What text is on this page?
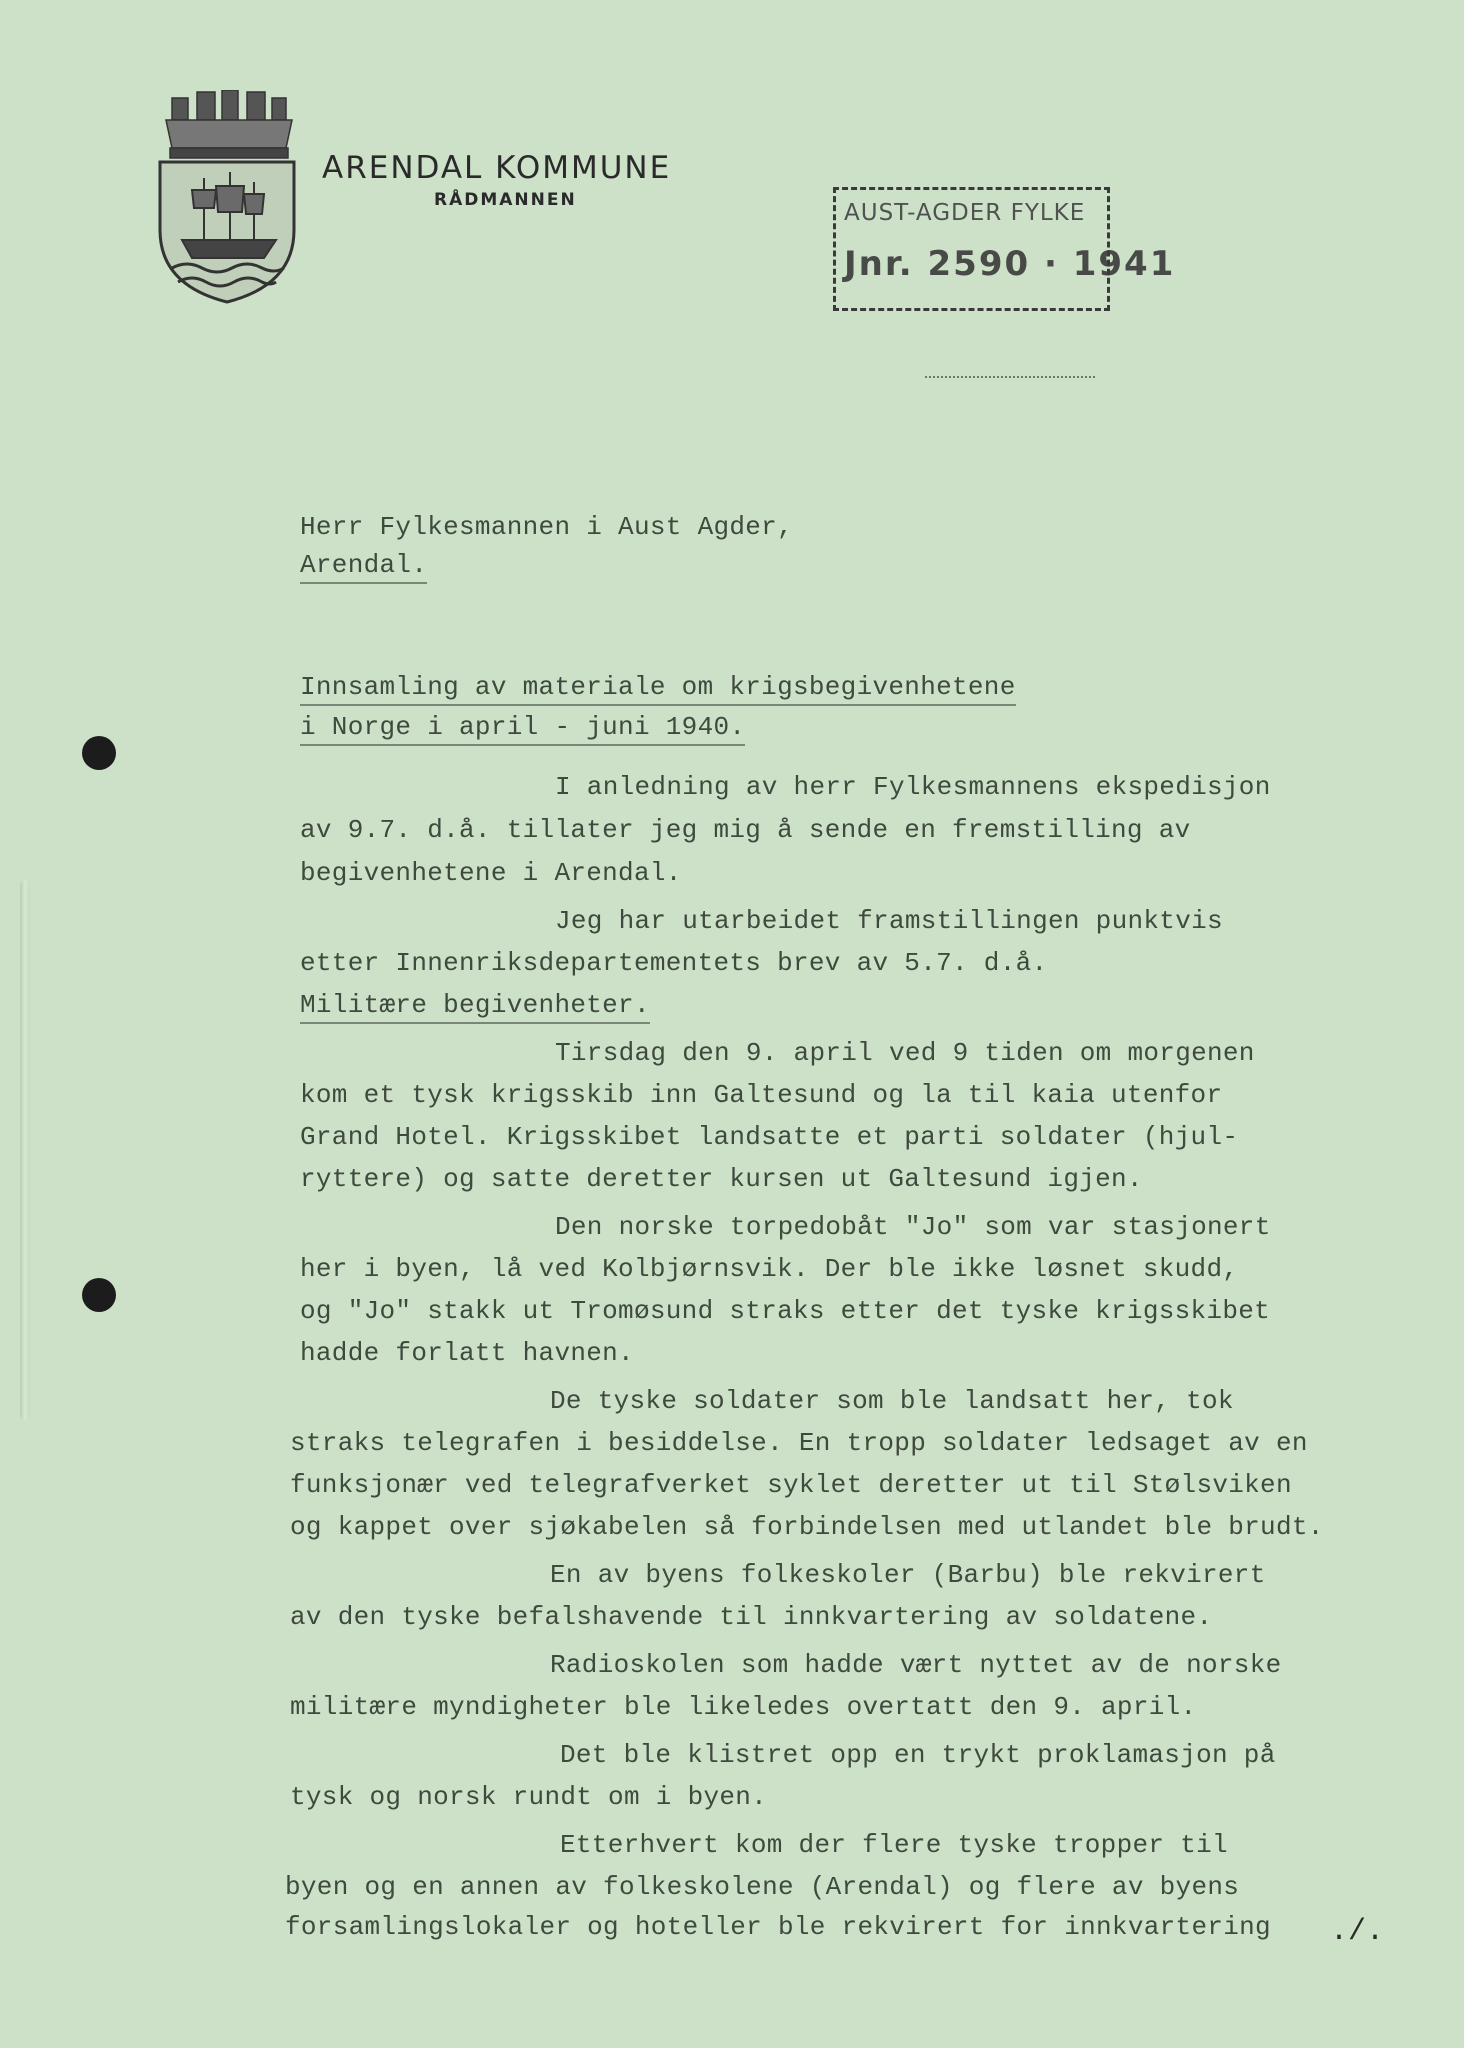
ARENDAL KOMMUNE
RÅDMANNEN	AUST-AGDER FYLKE
Jnr. 2590 · 1941
Herr Fylkesmannen i Aust Agder,
Arendal.
Innsamling av materiale om krigsbegivenhetene
i Norge i april - juni 1940.
I anledning av herr Fylkesmannens ekspedisjon
av 9.7. d.å. tillater jeg mig å sende en fremstilling av
begivenhetene i Arendal.
Jeg har utarbeidet framstillingen punktvis
etter Innenriksdepartementets brev av 5.7. d.å.
Militære begivenheter.
Tirsdag den 9. april ved 9 tiden om morgenen
kom et tysk krigsskib inn Galtesund og la til kaia utenfor
Grand Hotel. Krigsskibet landsatte et parti soldater (hjul-
ryttere) og satte deretter kursen ut Galtesund igjen.
Den norske torpedobåt "Jo" som var stasjonert
her i byen, lå ved Kolbjørnsvik. Der ble ikke løsnet skudd,
og "Jo" stakk ut Tromøsund straks etter det tyske krigsskibet
hadde forlatt havnen.
De tyske soldater som ble landsatt her, tok
straks telegrafen i besiddelse. En tropp soldater ledsaget av en
funksjonær ved telegrafverket syklet deretter ut til Stølsviken
og kappet over sjøkabelen så forbindelsen med utlandet ble brudt.
En av byens folkeskoler (Barbu) ble rekvirert
av den tyske befalshavende til innkvartering av soldatene.
Radioskolen som hadde vært nyttet av de norske
militære myndigheter ble likeledes overtatt den 9. april.
Det ble klistret opp en trykt proklamasjon på
tysk og norsk rundt om i byen.
Etterhvert kom der flere tyske tropper til
byen og en annen av folkeskolene (Arendal) og flere av byens
forsamlingslokaler og hoteller ble rekvirert for innkvartering ./.
